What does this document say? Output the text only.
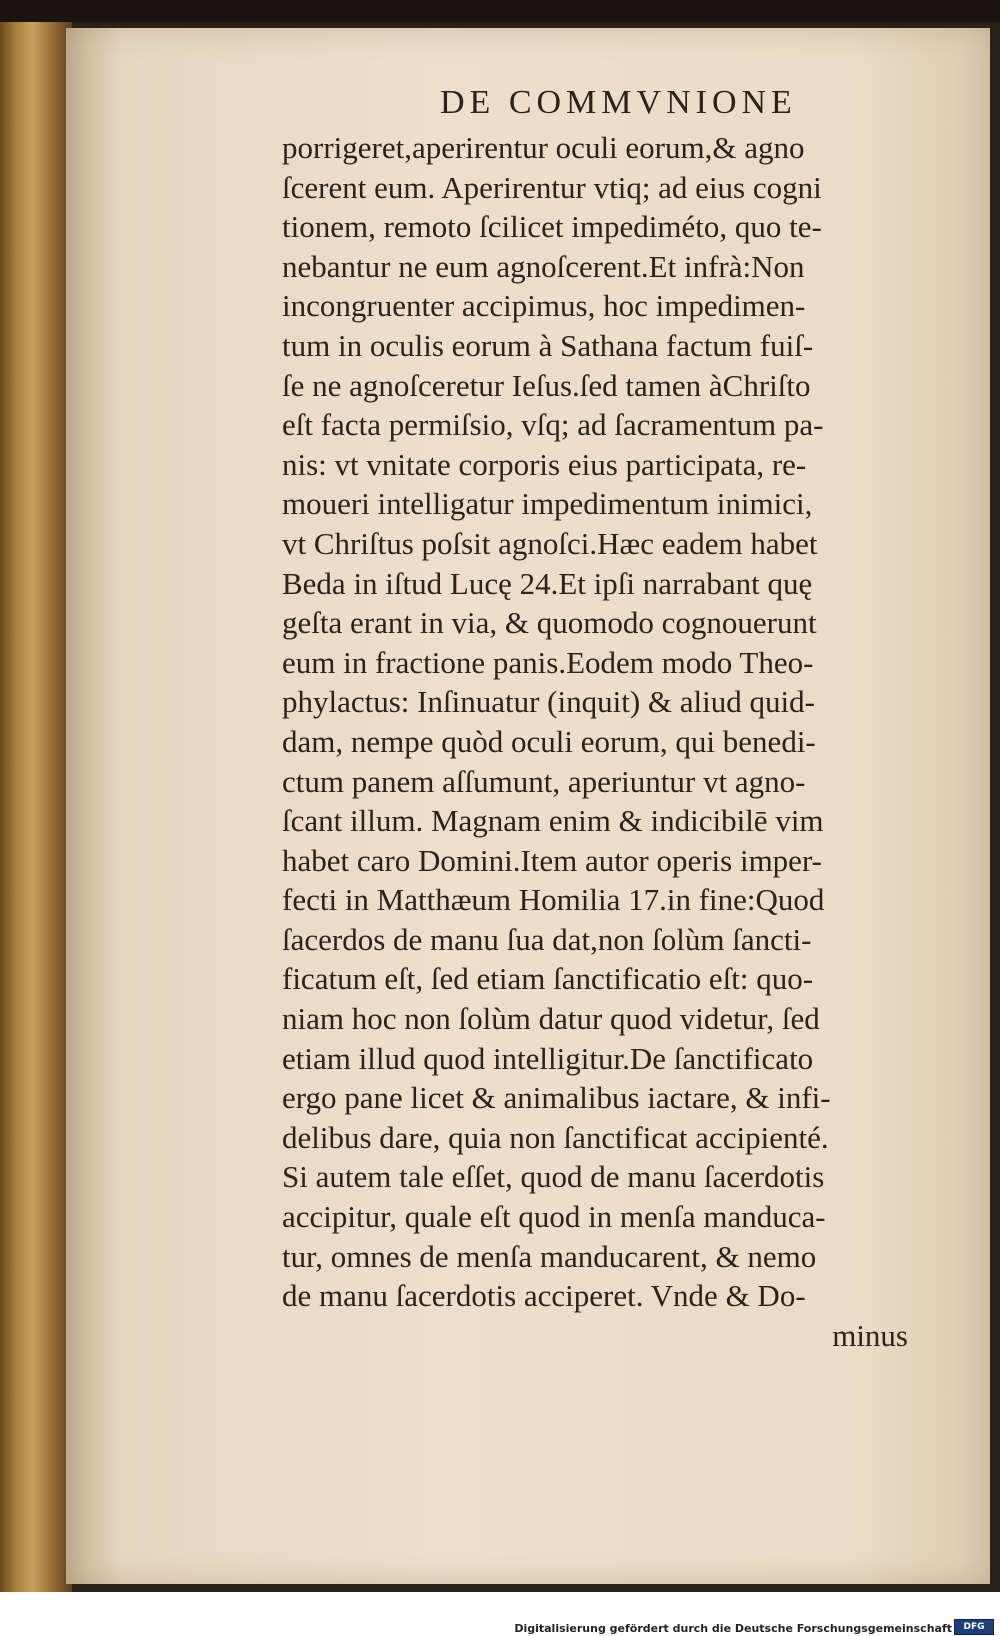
DE COMMVNIONE
porrigeret,aperirentur oculi eorum,& agno
ſcerent eum. Aperirentur vtiq; ad eius cogni
tionem, remoto ſcilicet impediméto, quo te-
nebantur ne eum agnoſcerent.Et infrà:Non
incongruenter accipimus, hoc impedimen-
tum in oculis eorum à Sathana factum fuiſ-
ſe ne agnoſceretur Ieſus.ſed tamen àChriſto
eſt facta permiſsio, vſq; ad ſacramentum pa-
nis: vt vnitate corporis eius participata, re-
moueri intelligatur impedimentum inimici,
vt Chriſtus poſsit agnoſci.Hæc eadem habet
Beda in iſtud Lucę 24.Et ipſi narrabant quę
geſta erant in via, & quomodo cognouerunt
eum in fractione panis.Eodem modo Theo-
phylactus: Inſinuatur (inquit) & aliud quid-
dam, nempe quòd oculi eorum, qui benedi-
ctum panem aſſumunt, aperiuntur vt agno-
ſcant illum. Magnam enim & indicibilē vim
habet caro Domini.Item autor operis imper-
fecti in Matthæum Homilia 17.in fine:Quod
ſacerdos de manu ſua dat,non ſolùm ſancti-
ficatum eſt, ſed etiam ſanctificatio eſt: quo-
niam hoc non ſolùm datur quod videtur, ſed
etiam illud quod intelligitur.De ſanctificato
ergo pane licet & animalibus iactare, & infi-
delibus dare, quia non ſanctificat accipienté.
Si autem tale eſſet, quod de manu ſacerdotis
accipitur, quale eſt quod in menſa manduca-
tur, omnes de menſa manducarent, & nemo
de manu ſacerdotis acciperet. Vnde & Do-
minus
Digitalisierung gefördert durch die Deutsche Forschungsgemeinschaft	DFG
